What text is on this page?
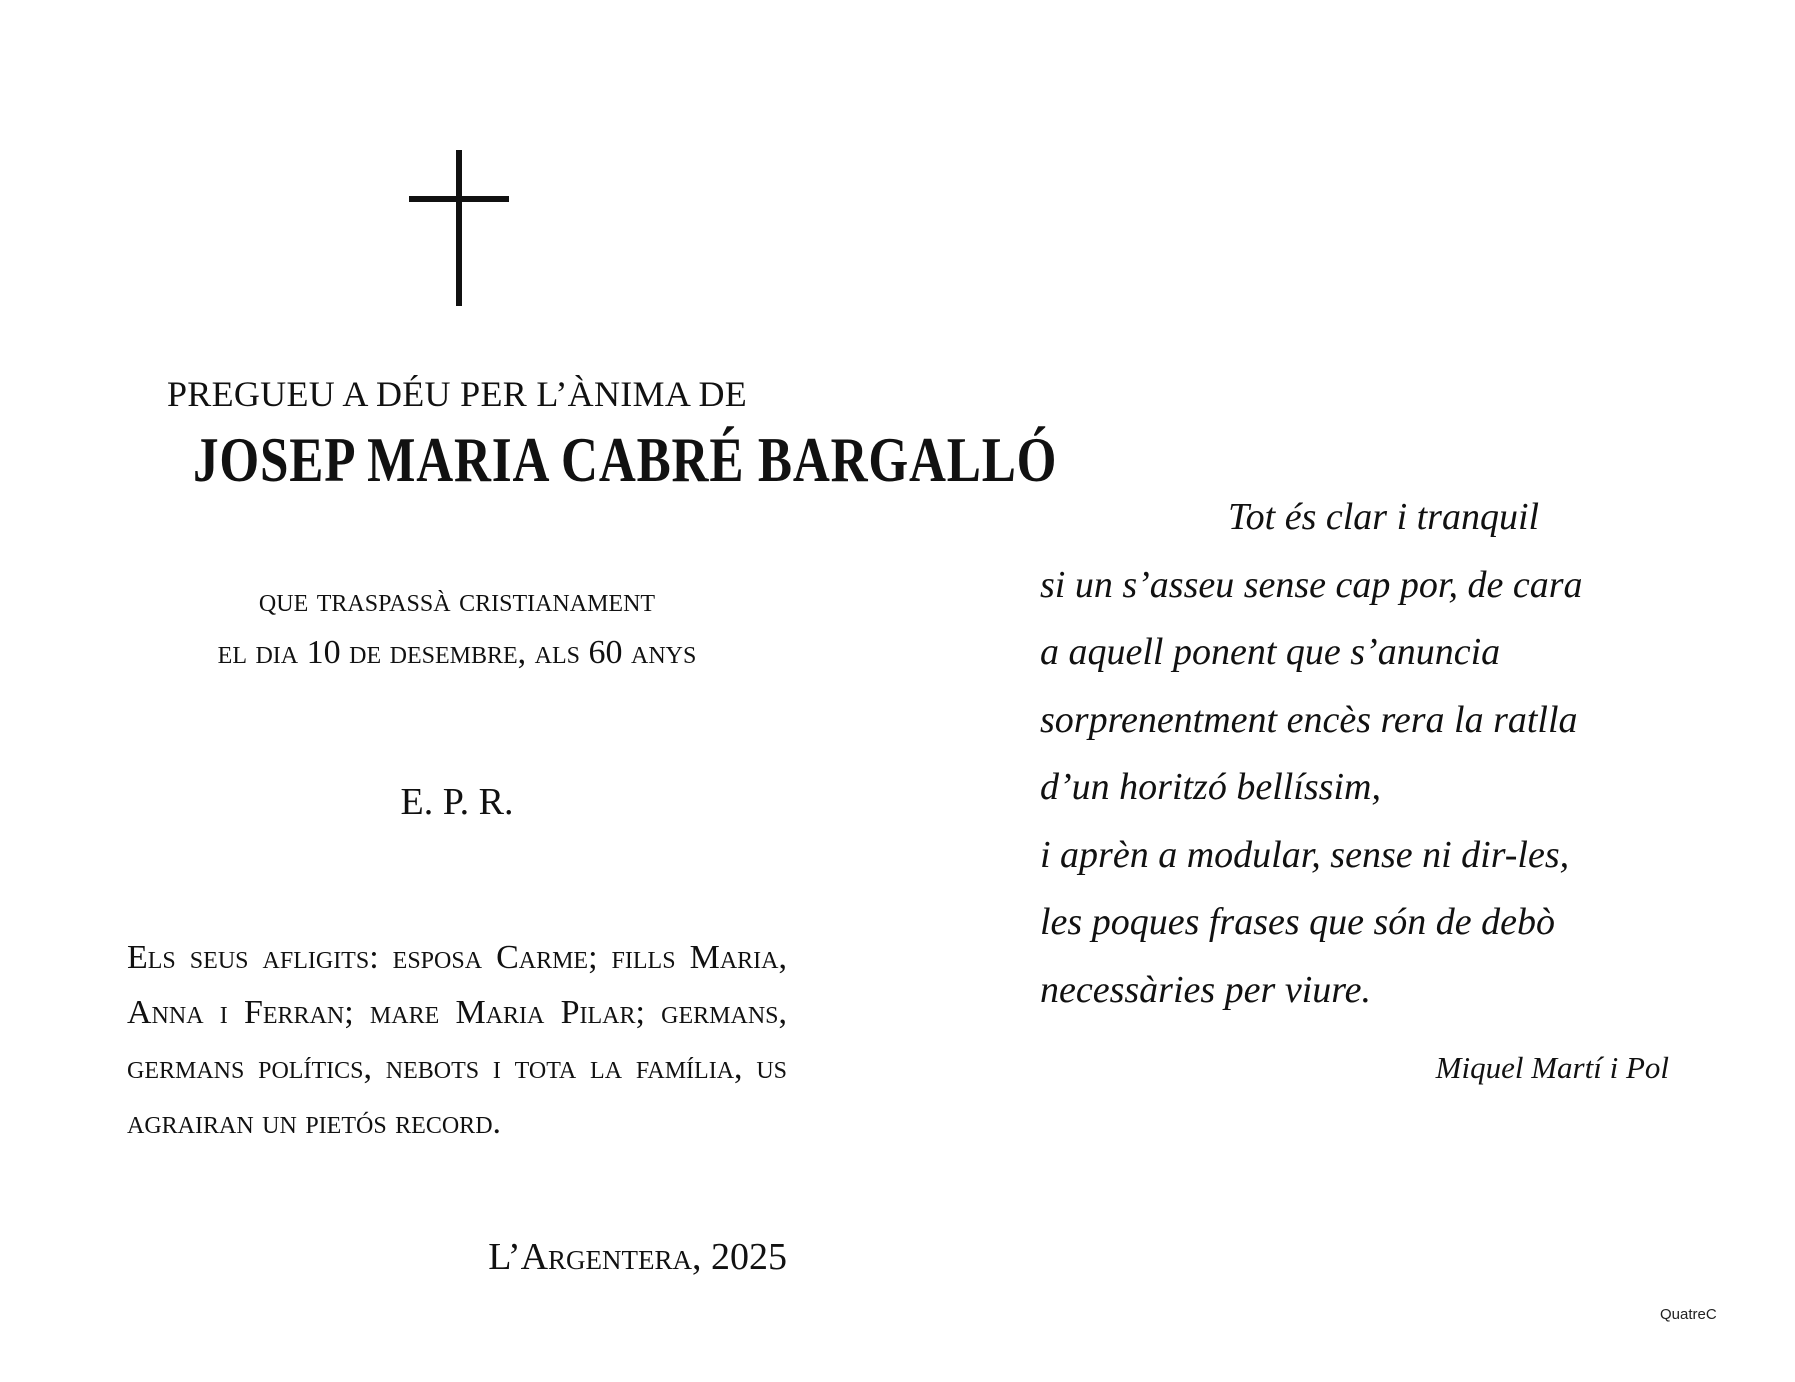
PREGUEU A DÉU PER L’ÀNIMA DE
JOSEP MARIA CABRÉ BARGALLÓ
que traspassà cristianament
el dia 10 de desembre, als 60 anys
E. P. R.
Els seus afligits: esposa Carme; fills Maria, Anna i Ferran; mare Maria Pilar; germans, germans polítics, nebots i tota la família, us agrairan un pietós record.
L’Argentera, 2025
Tot és clar i tranquil
si un s’asseu sense cap por, de cara
a aquell ponent que s’anuncia
sorprenentment encès rera la ratlla
d’un horitzó bellíssim,
i aprèn a modular, sense ni dir-les,
les poques frases que són de debò
necessàries per viure.
Miquel Martí i Pol
QuatreC
